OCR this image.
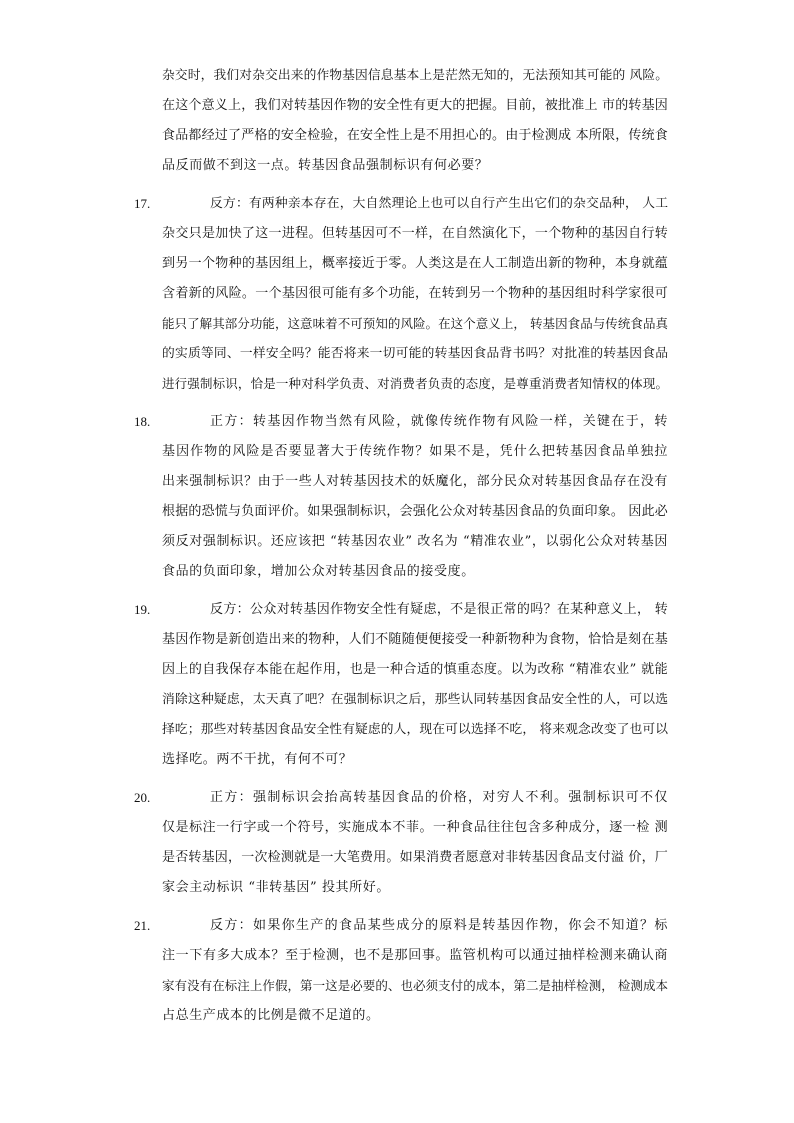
杂交时，我们对杂交出来的作物基因信息基本上是茫然无知的，无法预知其可能的 风险。
在这个意义上，我们对转基因作物的安全性有更大的把握。目前，被批准上 市的转基因
食品都经过了严格的安全检验，在安全性上是不用担心的。由于检测成 本所限，传统食
品反而做不到这一点。转基因食品强制标识有何必要？
17.	反方：有两种亲本存在，大自然理论上也可以自行产生出它们的杂交品种， 人工
杂交只是加快了这一进程。但转基因可不一样，在自然演化下，一个物种的基因自行转
到另一个物种的基因组上，概率接近于零。人类这是在人工制造出新的物种，本身就蕴
含着新的风险。一个基因很可能有多个功能，在转到另一个物种的基因组时科学家很可
能只了解其部分功能，这意味着不可预知的风险。在这个意义上， 转基因食品与传统食品真
的实质等同、一样安全吗？能否将来一切可能的转基因食品背书吗？对批准的转基因食品
进行强制标识，恰是一种对科学负责、对消费者负责的态度，是尊重消费者知情权的体现。
18.	正方：转基因作物当然有风险，就像传统作物有风险一样，关键在于，转
基因作物的风险是否要显著大于传统作物？如果不是，凭什么把转基因食品单独拉
出来强制标识？由于一些人对转基因技术的妖魔化，部分民众对转基因食品存在没有
根据的恐慌与负面评价。如果强制标识，会强化公众对转基因食品的负面印象。 因此必
须反对强制标识。还应该把 “转基因农业” 改名为 “精准农业”，以弱化公众对转基因
食品的负面印象，增加公众对转基因食品的接受度。
19.	反方：公众对转基因作物安全性有疑虑，不是很正常的吗？在某种意义上， 转
基因作物是新创造出来的物种，人们不随随便便接受一种新物种为食物，恰恰是刻在基
因上的自我保存本能在起作用，也是一种合适的慎重态度。以为改称 “精准农业” 就能
消除这种疑虑，太天真了吧？在强制标识之后，那些认同转基因食品安全性的人，可以选
择吃；那些对转基因食品安全性有疑虑的人，现在可以选择不吃， 将来观念改变了也可以
选择吃。两不干扰，有何不可？
20.	正方：强制标识会抬高转基因食品的价格，对穷人不利。强制标识可不仅
仅是标注一行字或一个符号，实施成本不菲。一种食品往往包含多种成分，逐一检 测
是否转基因，一次检测就是一大笔费用。如果消费者愿意对非转基因食品支付溢 价，厂
家会主动标识 “非转基因” 投其所好。
21.	反方：如果你生产的食品某些成分的原料是转基因作物，你会不知道？标
注一下有多大成本？至于检测，也不是那回事。监管机构可以通过抽样检测来确认商
家有没有在标注上作假，第一这是必要的、也必须支付的成本，第二是抽样检测， 检测成本
占总生产成本的比例是微不足道的。
